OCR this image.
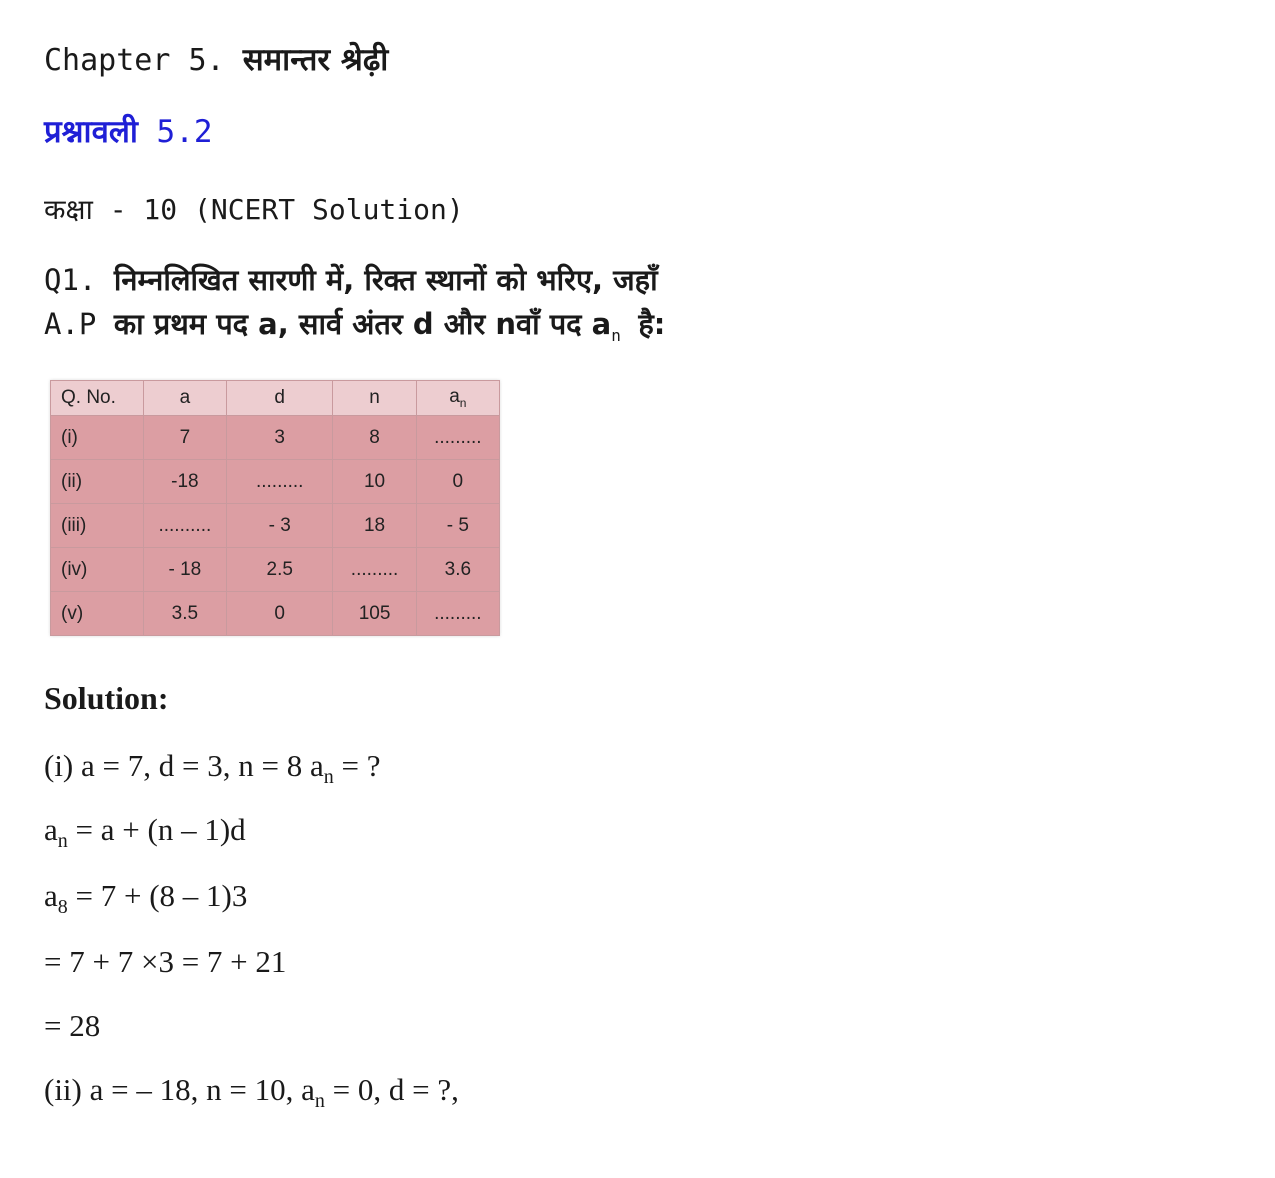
Chapter 5. समान्तर श्रेढ़ी
प्रश्नावली 5.2
कक्षा - 10 (NCERT Solution)
Q1. निम्नलिखित सारणी में, रिक्त स्थानों को भरिए, जहाँ
A.P का प्रथम पद a, सार्व अंतर d और nवाँ पद $a_n$ है:
Q. No.	a	d	n	$a_n$
(i)	7	3	8	.........
(ii)	-18	.........	10	0
(iii)	..........	- 3	18	- 5
(iv)	- 18	2.5	.........	3.6
(v)	3.5	0	105	.........
Solution:
(i) a = 7, d = 3, n = 8 $a_n$ = ?
$a_n = a + (n - 1)d$
$a_8 = 7 + (8 - 1)3$
= 7 + 7 ×3 = 7 + 21
= 28
(ii) a = – 18, n = 10, $a_n = 0$, d = ?,
